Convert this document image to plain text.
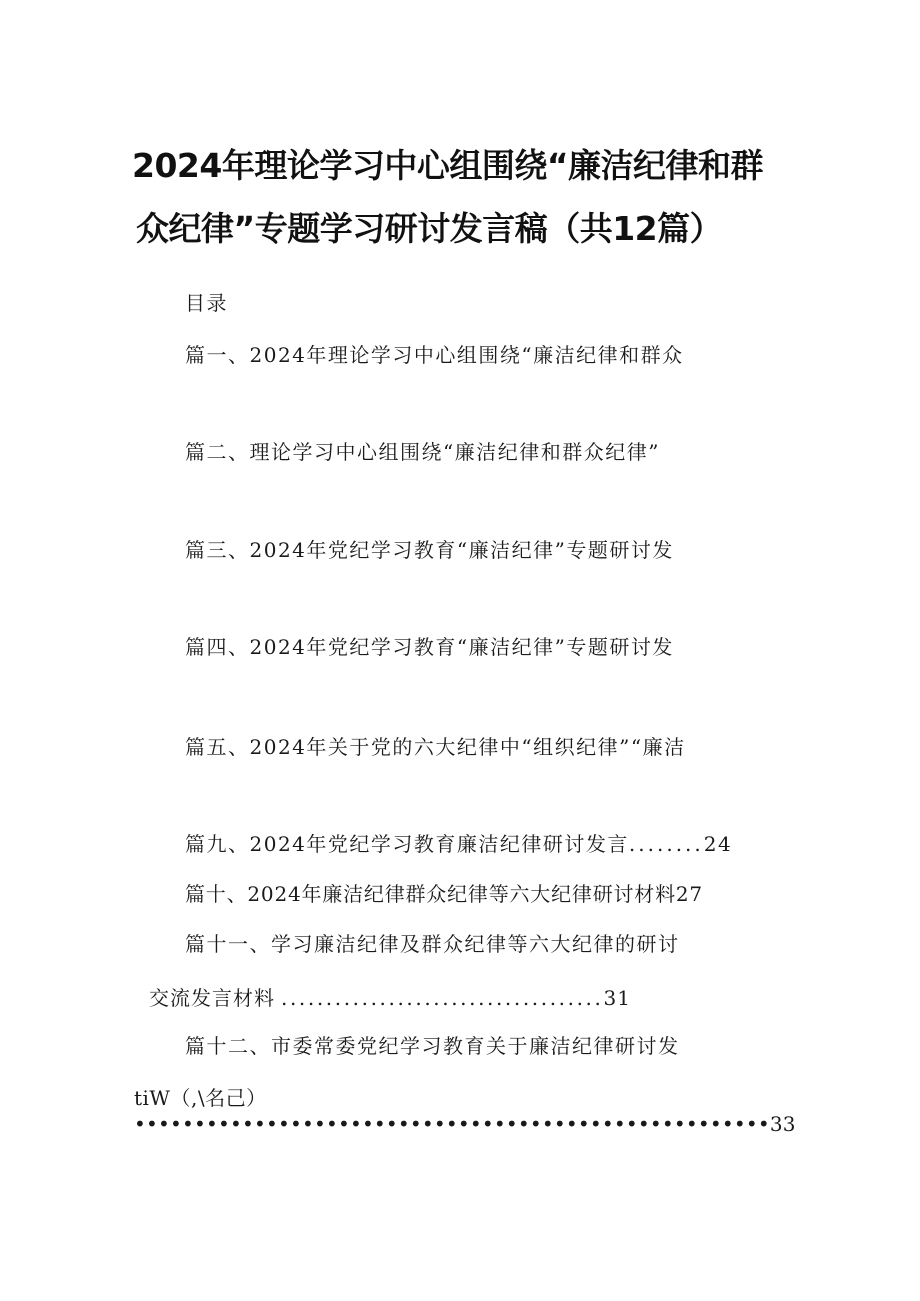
2024年理论学习中心组围绕“廉洁纪律和群
众纪律”专题学习研讨发言稿（共12篇）
目录
篇一、2024年理论学习中心组围绕“廉洁纪律和群众
篇二、理论学习中心组围绕“廉洁纪律和群众纪律”
篇三、2024年党纪学习教育“廉洁纪律”专题研讨发
篇四、2024年党纪学习教育“廉洁纪律”专题研讨发
篇五、2024年关于党的六大纪律中“组织纪律”“廉洁
篇九、2024年党纪学习教育廉洁纪律研讨发言........24
篇十、2024年廉洁纪律群众纪律等六大纪律研讨材料27
篇十一、学习廉洁纪律及群众纪律等六大纪律的研讨
交流发言材料 ....................................31
篇十二、市委常委党纪学习教育关于廉洁纪律研讨发
tiW（,\名己）
•••••••••••••••••••••••••••••••••••••••••••••••••••••33
